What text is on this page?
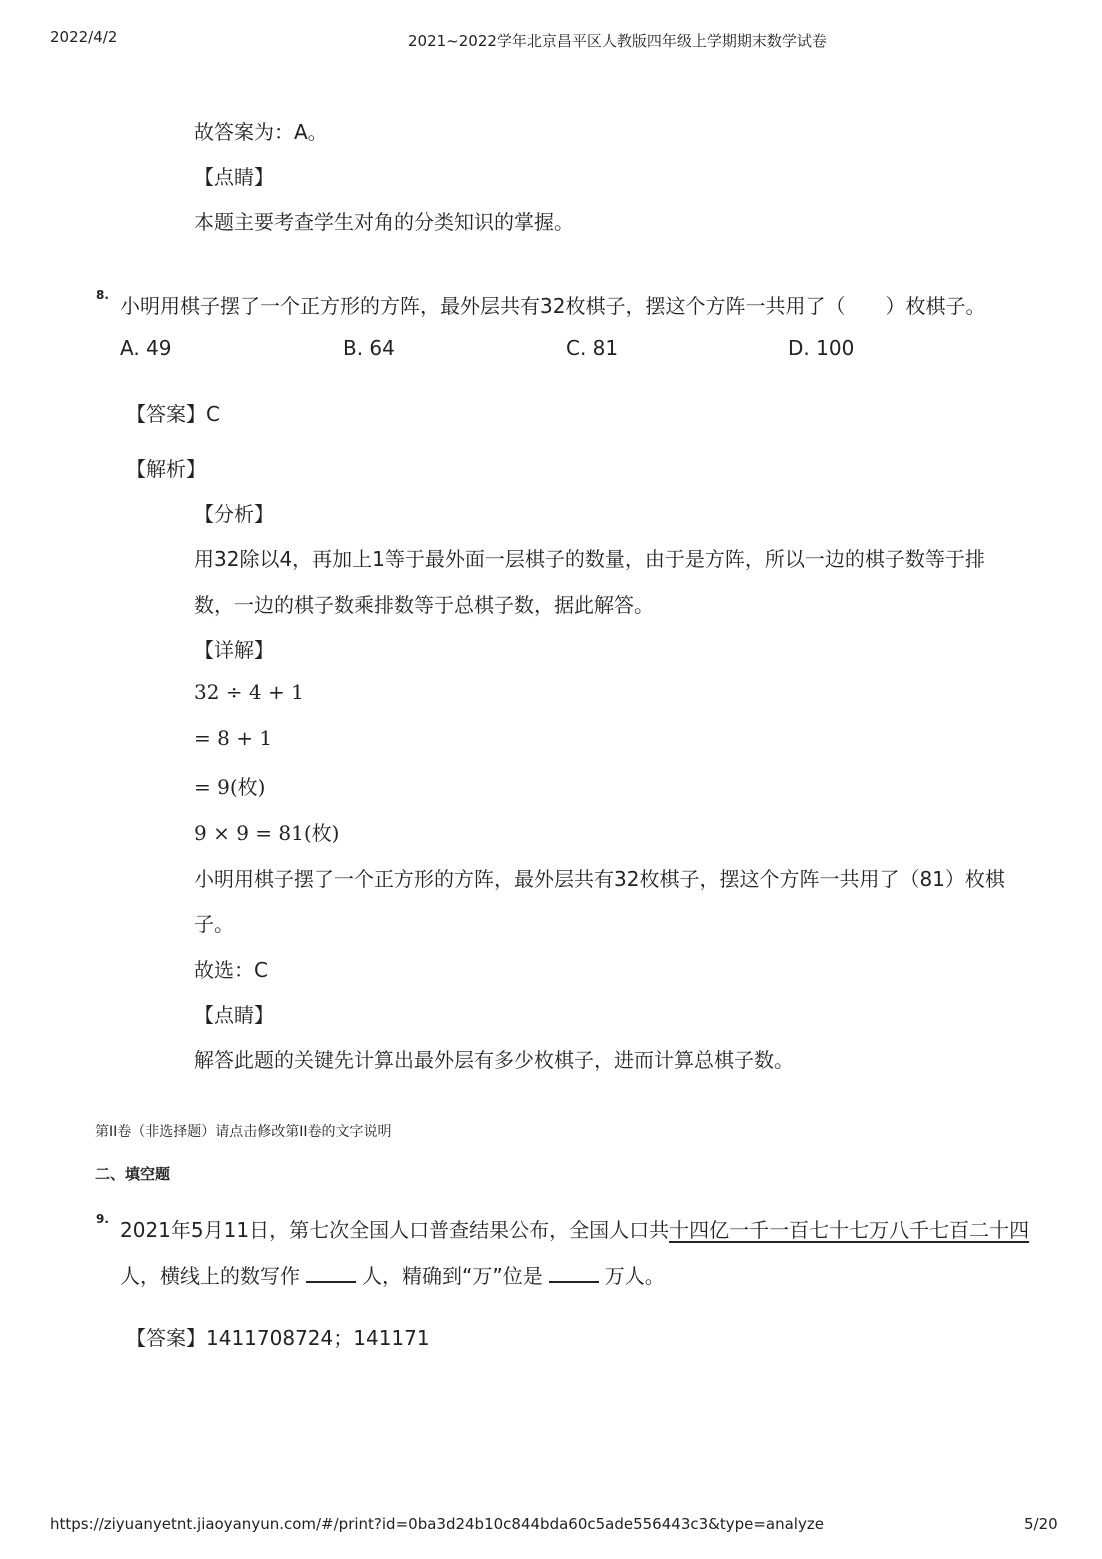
2022/4/2	2021~2022学年北京昌平区人教版四年级上学期期末数学试卷
故答案为：A。
【点睛】
本题主要考查学生对角的分类知识的掌握。
8. 小明用棋子摆了一个正方形的方阵，最外层共有32枚棋子，摆这个方阵一共用了（　　）枚棋子。
A. 49	B. 64	C. 81	D. 100
【答案】C
【解析】
【分析】
用32除以4，再加上1等于最外面一层棋子的数量，由于是方阵，所以一边的棋子数等于排
数，一边的棋子数乘排数等于总棋子数，据此解答。
【详解】
32 ÷ 4 + 1
= 8 + 1
= 9(枚)
9 × 9 = 81(枚)
小明用棋子摆了一个正方形的方阵，最外层共有32枚棋子，摆这个方阵一共用了（81）枚棋
子。
故选：C
【点睛】
解答此题的关键先计算出最外层有多少枚棋子，进而计算总棋子数。
第II卷（非选择题）请点击修改第II卷的文字说明
二、填空题
9. 2021年5月11日，第七次全国人口普查结果公布，全国人口共十四亿一千一百七十七万八千七百二十四
人，横线上的数写作	人，精确到“万”位是	万人。
【答案】1411708724；141171
https://ziyuanyetnt.jiaoyanyun.com/#/print?id=0ba3d24b10c844bda60c5ade556443c3&type=analyze	5/20
